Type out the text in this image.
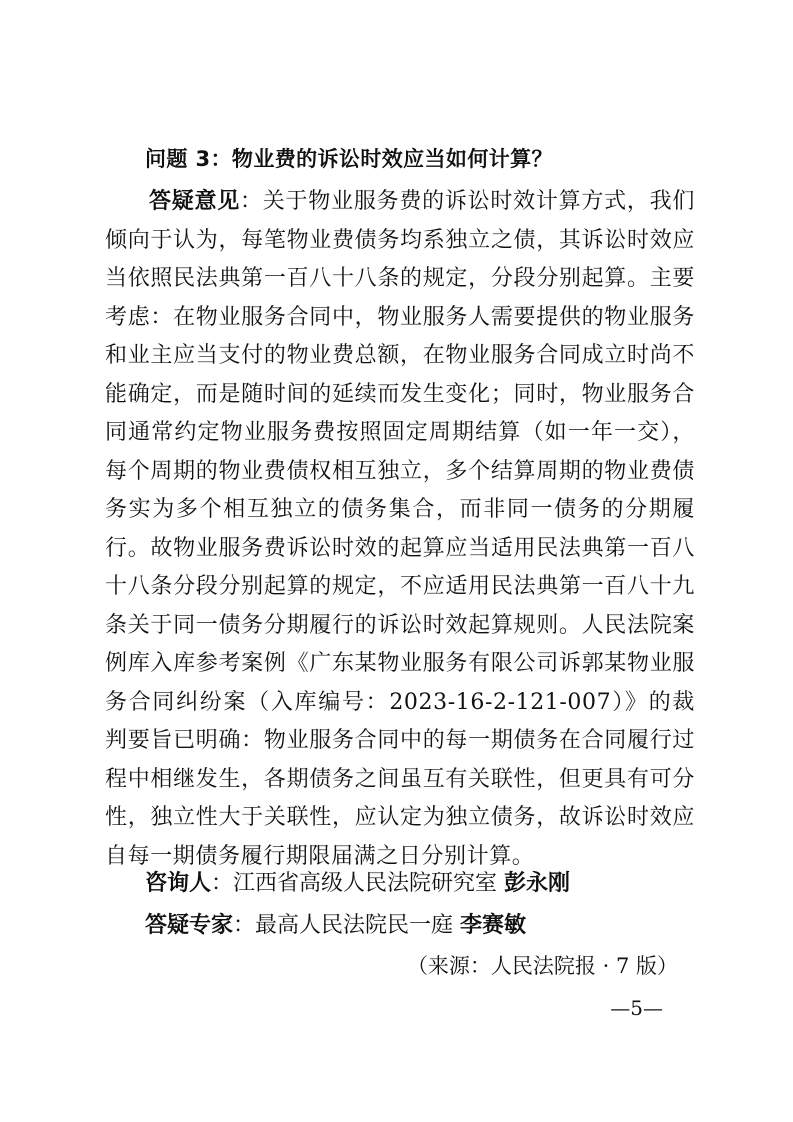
问题 3：物业费的诉讼时效应当如何计算？
答疑意见：关于物业服务费的诉讼时效计算方式，我们倾向于认为，每笔物业费债务均系独立之债，其诉讼时效应当依照民法典第一百八十八条的规定，分段分别起算。主要考虑：在物业服务合同中，物业服务人需要提供的物业服务和业主应当支付的物业费总额，在物业服务合同成立时尚不能确定，而是随时间的延续而发生变化；同时，物业服务合同通常约定物业服务费按照固定周期结算（如一年一交），每个周期的物业费债权相互独立，多个结算周期的物业费债务实为多个相互独立的债务集合，而非同一债务的分期履行。故物业服务费诉讼时效的起算应当适用民法典第一百八十八条分段分别起算的规定，不应适用民法典第一百八十九条关于同一债务分期履行的诉讼时效起算规则。人民法院案例库入库参考案例《广东某物业服务有限公司诉郭某物业服务合同纠纷案（入库编号：2023-16-2-121-007）》的裁判要旨已明确：物业服务合同中的每一期债务在合同履行过程中相继发生，各期债务之间虽互有关联性，但更具有可分性，独立性大于关联性，应认定为独立债务，故诉讼时效应自每一期债务履行期限届满之日分别计算。
咨询人：江西省高级人民法院研究室 彭永刚
答疑专家：最高人民法院民一庭 李赛敏
（来源：人民法院报 · 7 版）
—5—
